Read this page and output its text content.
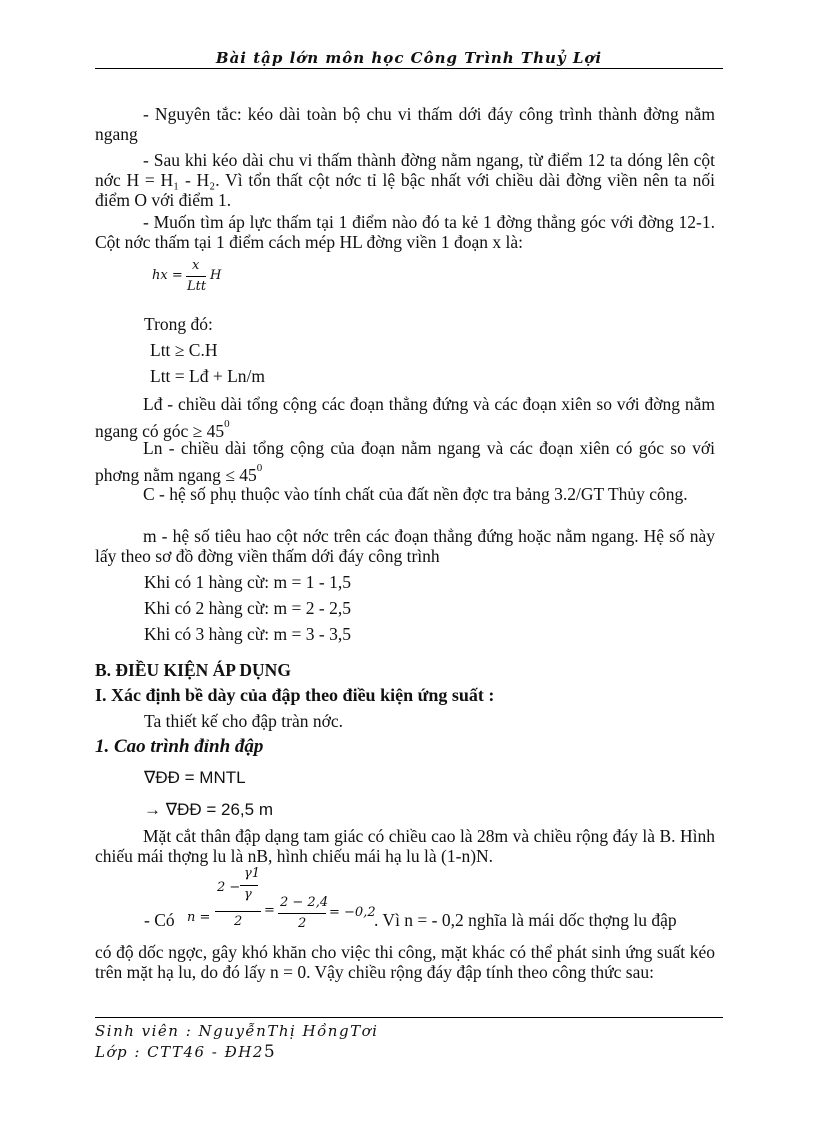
Bài tập lớn môn học Công Trình Thuỷ Lợi

- Nguyên tắc: kéo dài toàn bộ chu vi thấm dới đáy công trình thành đờng nằm ngang

- Sau khi kéo dài chu vi thấm thành đờng nằm ngang, từ điểm 12 ta dóng lên cột nớc H = H₁ - H₂. Vì tổn thất cột nớc tỉ lệ bậc nhất với chiều dài đờng viền nên ta nối điểm O với điểm 1.

- Muốn tìm áp lực thấm tại 1 điểm nào đó ta kẻ 1 đờng thẳng góc với đờng 12-1. Cột nớc thấm tại 1 điểm cách mép HL đờng viền 1 đoạn x là:

hx =
x
Ltt
H
Trong đó:
Ltt ≥ C.H
Ltt = Lđ + Ln/m

Lđ - chiều dài tổng cộng các đoạn thẳng đứng và các đoạn xiên so với đờng nằm ngang có góc ≥ $45^0$

Ln - chiều dài tổng cộng của đoạn nằm ngang và các đoạn xiên có góc so với phơng nằm ngang ≤ $45^0$

C - hệ số phụ thuộc vào tính chất của đất nền đợc tra bảng 3.2/GT Thủy công.

m - hệ số tiêu hao cột nớc trên các đoạn thẳng đứng hoặc nằm ngang. Hệ số này lấy theo sơ đồ đờng viền thấm dới đáy công trình

Khi có 1 hàng cừ: m = 1 - 1,5
Khi có 2 hàng cừ: m = 2 - 2,5
Khi có 3 hàng cừ: m = 3 - 3,5
B. ĐIỀU KIỆN ÁP DỤNG
I. Xác định bề dày của đập theo điều kiện ứng suất :
Ta thiết kế cho đập tràn nớc.
1. Cao trình đỉnh đập
∇ĐĐ = MNTL
→ ∇ĐĐ = 26,5 m

Mặt cắt thân đập dạng tam giác có chiều cao là 28m và chiều rộng đáy là B. Hình chiếu mái thợng lu là nB, hình chiếu mái hạ lu là (1-n)N.

- Có n =
2 −
γ1
γ
2
=
2 − 2,4
2
= −0,2
. Vì n = - 0,2 nghĩa là mái dốc thợng lu đập

có độ dốc ngợc, gây khó khăn cho việc thi công, mặt khác có thể phát sinh ứng suất kéo trên mặt hạ lu, do đó lấy n = 0. Vậy chiều rộng đáy đập tính theo công thức sau:

Sinh viên : NguyễnThị HồngTơi
Lớp : CTT46 - ĐH25
